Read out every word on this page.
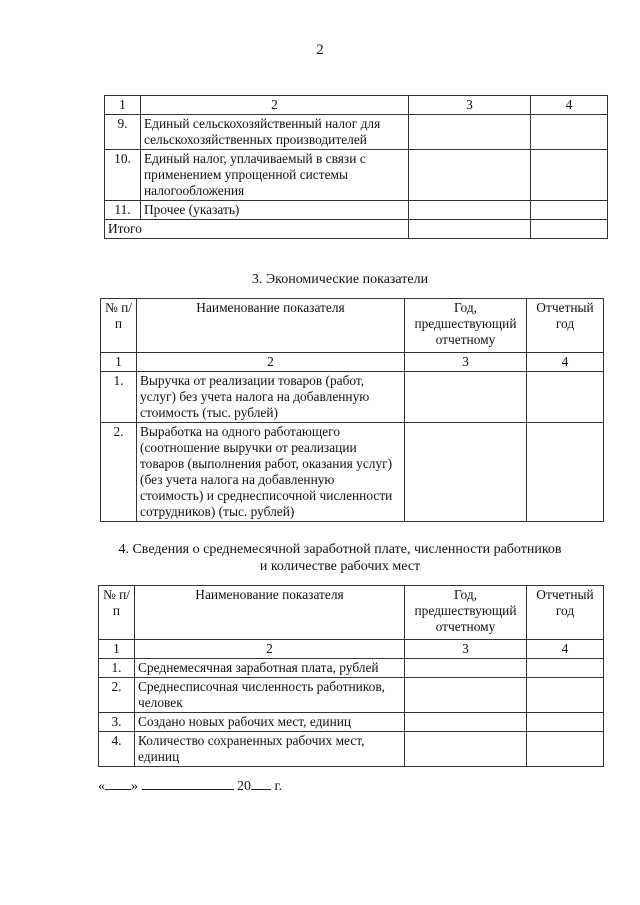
2
1	2	3	4
9.	Единый сельскохозяйственный налог для сельскохозяйственных производителей		
10.	Единый налог, уплачиваемый в связи с применением упрощенной системы налогообложения		
11.	Прочее (указать)		
Итого			
3. Экономические показатели
№ п/п	Наименование показателя	Год, предшествующий отчетному	Отчетный год
1	2	3	4
1.	Выручка от реализации товаров (работ, услуг) без учета налога на добавленную стоимость (тыс. рублей)		
2.	Выработка на одного работающего (соотношение выручки от реализации товаров (выполнения работ, оказания услуг) (без учета налога на добавленную стоимость) и среднесписочной численности сотрудников) (тыс. рублей)		
4. Сведения о среднемесячной заработной плате, численности работников
и количестве рабочих мест
№ п/п	Наименование показателя	Год, предшествующий отчетному	Отчетный год
1	2	3	4
1.	Среднемесячная заработная плата, рублей		
2.	Среднесписочная численность работников, человек		
3.	Создано новых рабочих мест, единиц		
4.	Количество сохраненных рабочих мест, единиц		
« »	20 г.
